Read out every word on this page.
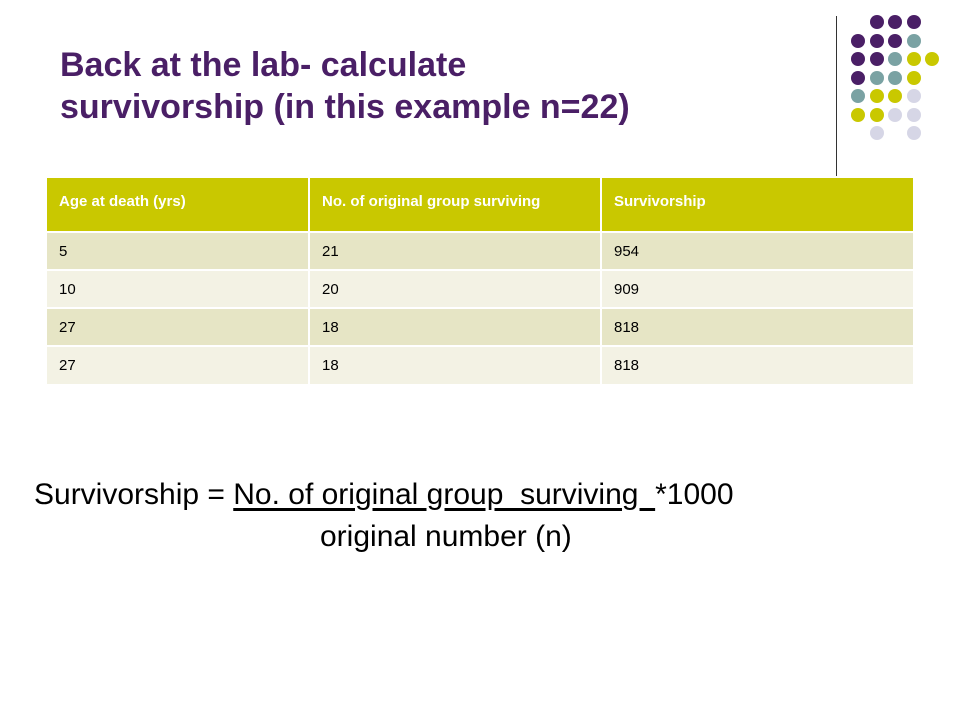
Back at the lab- calculate
survivorship (in this example n=22)
Age at death (yrs)	No. of original group surviving	Survivorship
5	21	954
10	20	909
27	18	818
27	18	818
Survivorship = No. of original group  surviving  *1000
original number (n)
